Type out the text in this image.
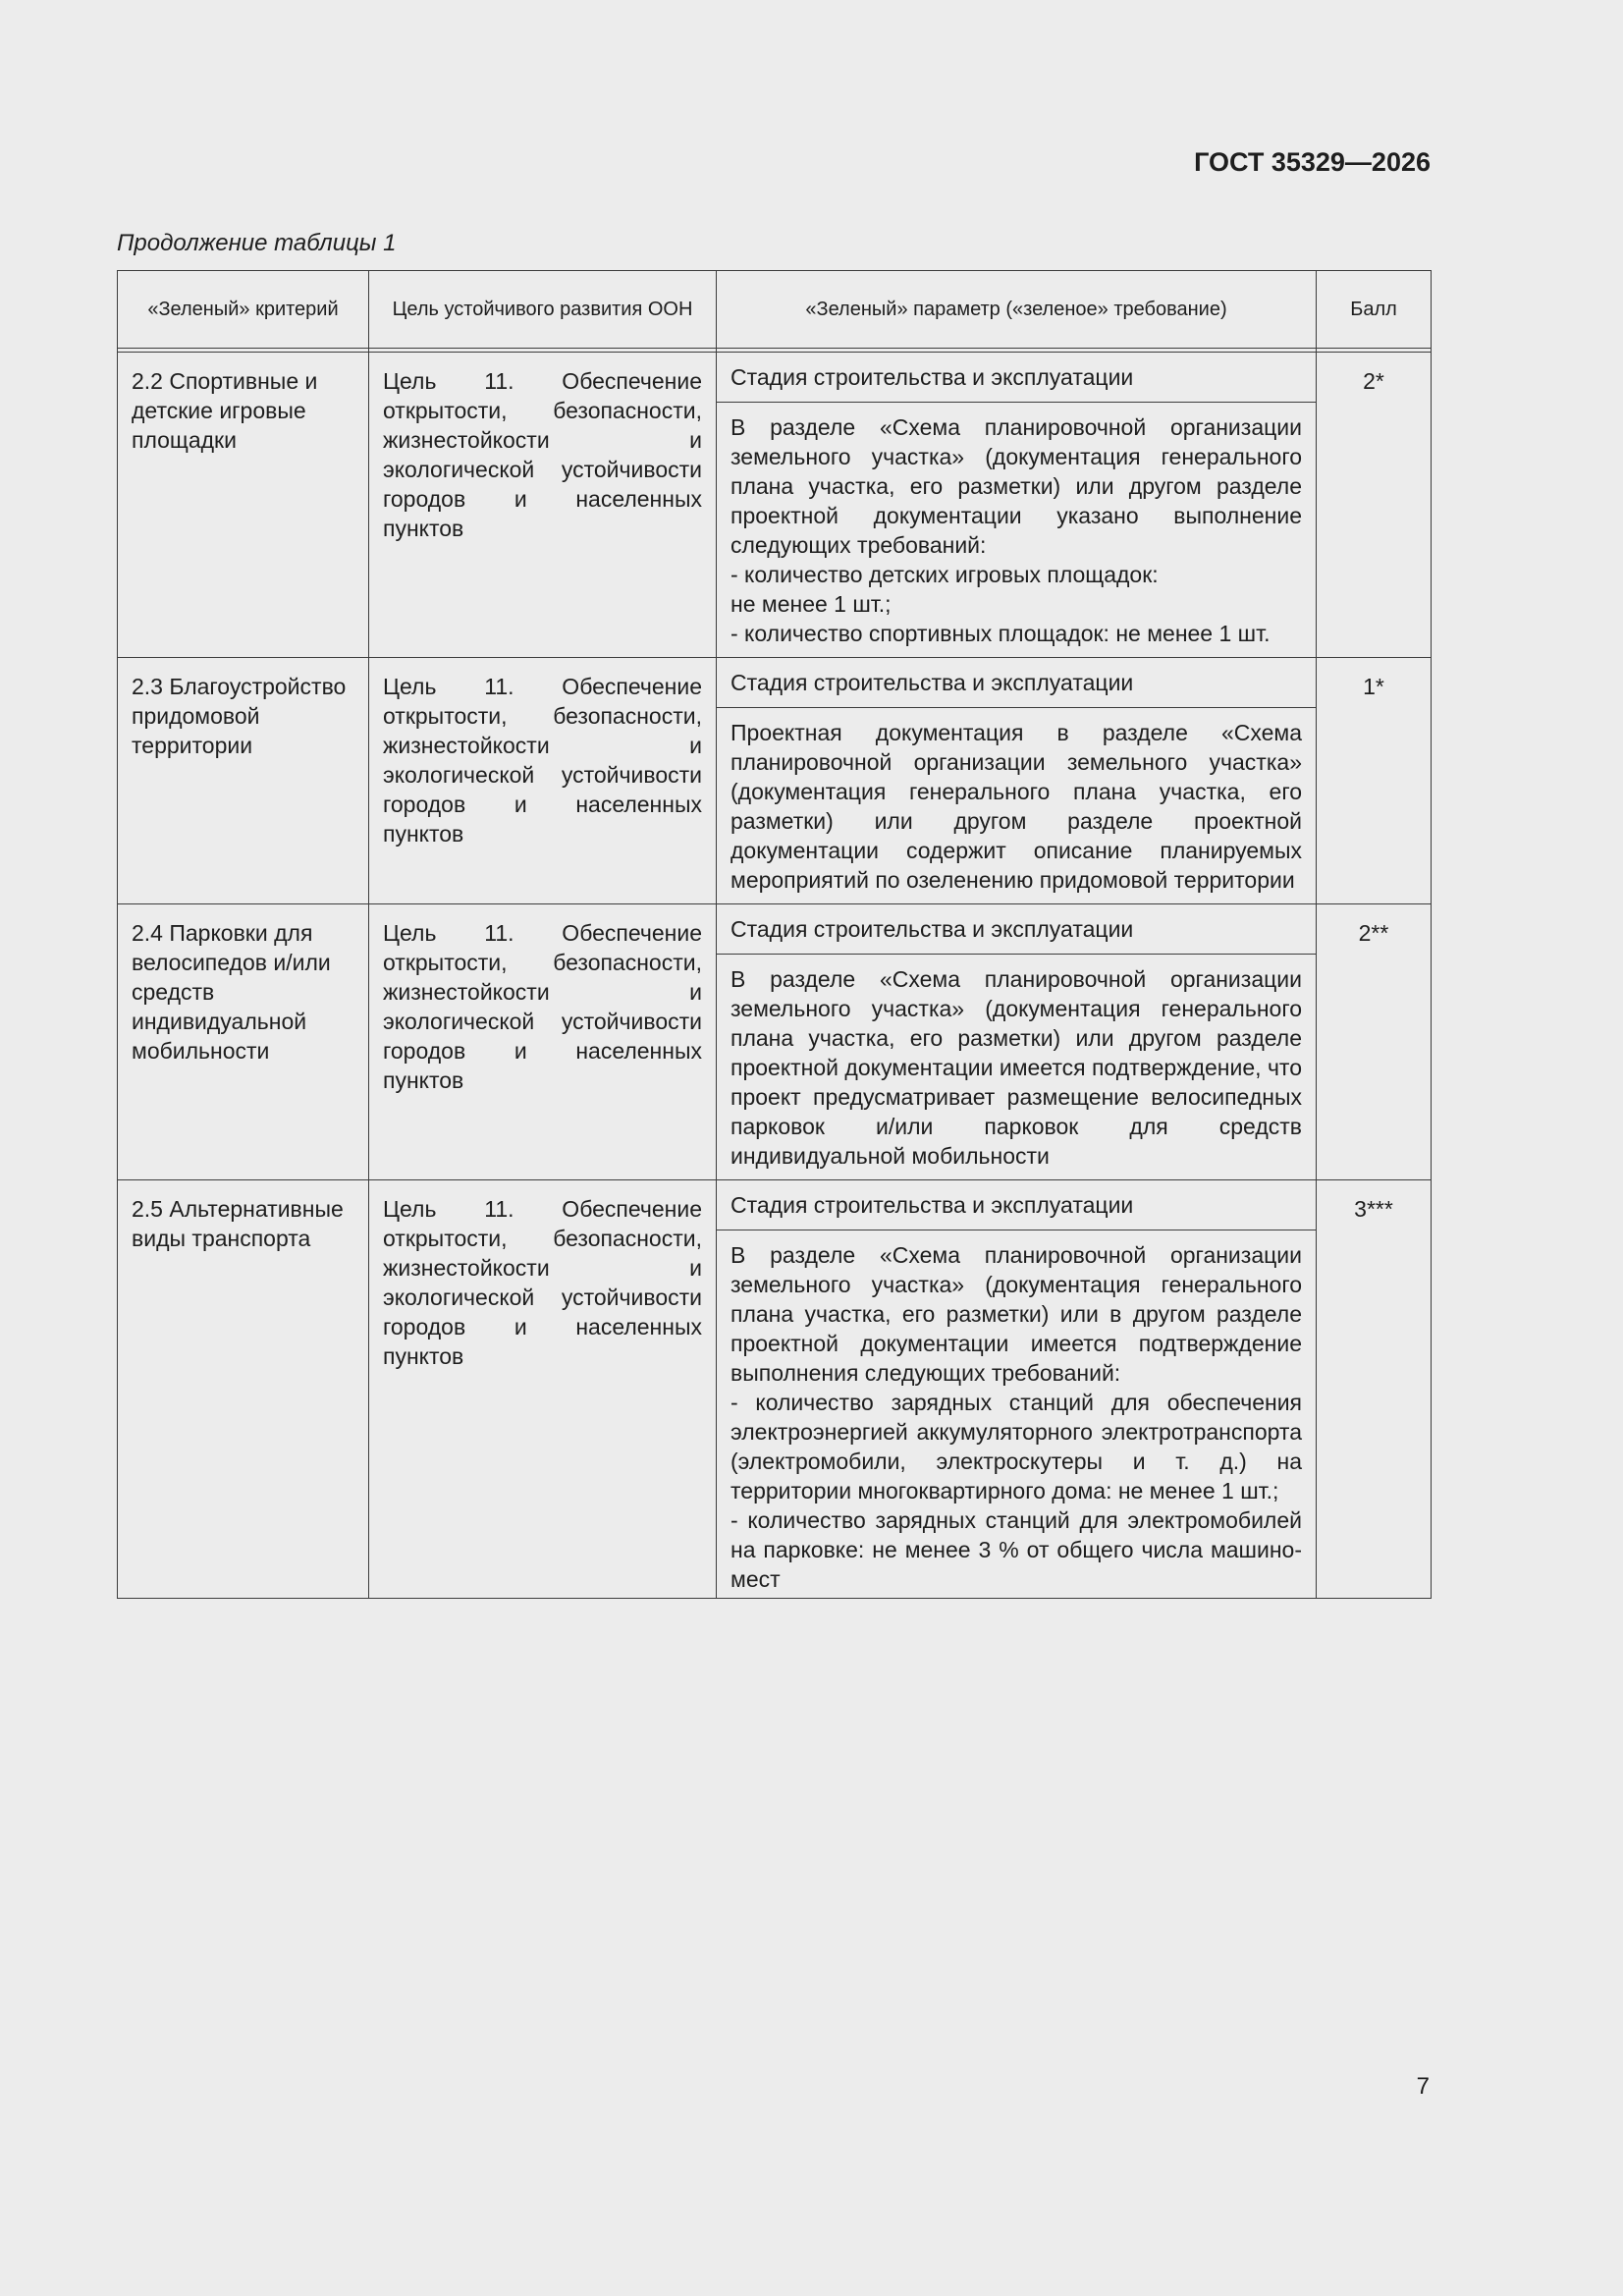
ГОСТ 35329—2026
Продолжение таблицы 1
«Зеленый» критерий	Цель устойчивого развития ООН	«Зеленый» параметр («зеленое» требование)	Балл

2.2 Спортивные и детские игровые площадки	Цель 11. Обеспечение открытости, безопасности, жизнестойкости и экологической устойчивости городов и населенных пунктов	Стадия строительства и эксплуатации	2*

		В разделе «Схема планировочной организации земельного участка» (документация генерального плана участка, его разметки) или другом разделе проектной документации указано выполнение следующих требований:
- количество детских игровых площадок:
не менее 1 шт.;
- количество спортивных площадок: не менее 1 шт.	

2.3 Благоустройство придомовой территории	Цель 11. Обеспечение открытости, безопасности, жизнестойкости и экологической устойчивости городов и населенных пунктов	Стадия строительства и эксплуатации	1*

		Проектная документация в разделе «Схема планировочной организации земельного участка» (документация генерального плана участка, его разметки) или другом разделе проектной документации содержит описание планируемых мероприятий по озеленению придомовой территории	

2.4 Парковки для велосипедов и/или средств индивидуальной мобильности	Цель 11. Обеспечение открытости, безопасности, жизнестойкости и экологической устойчивости городов и населенных пунктов	Стадия строительства и эксплуатации	2**

		В разделе «Схема планировочной организации земельного участка» (документация генерального плана участка, его разметки) или другом разделе проектной документации имеется подтверждение, что проект предусматривает размещение велосипедных парковок и/или парковок для средств индивидуальной мобильности	

2.5 Альтернативные виды транспорта	Цель 11. Обеспечение открытости, безопасности, жизнестойкости и экологической устойчивости городов и населенных пунктов	Стадия строительства и эксплуатации	3***

		В разделе «Схема планировочной организации земельного участка» (документация генерального плана участка, его разметки) или в другом разделе проектной документации имеется подтверждение выполнения следующих требований:
- количество зарядных станций для обеспечения электроэнергией аккумуляторного электротранспорта (электромобили, электроскутеры и т. д.) на территории многоквартирного дома: не менее 1 шт.;
- количество зарядных станций для электромобилей на парковке: не менее 3 % от общего числа машино-мест	
7
